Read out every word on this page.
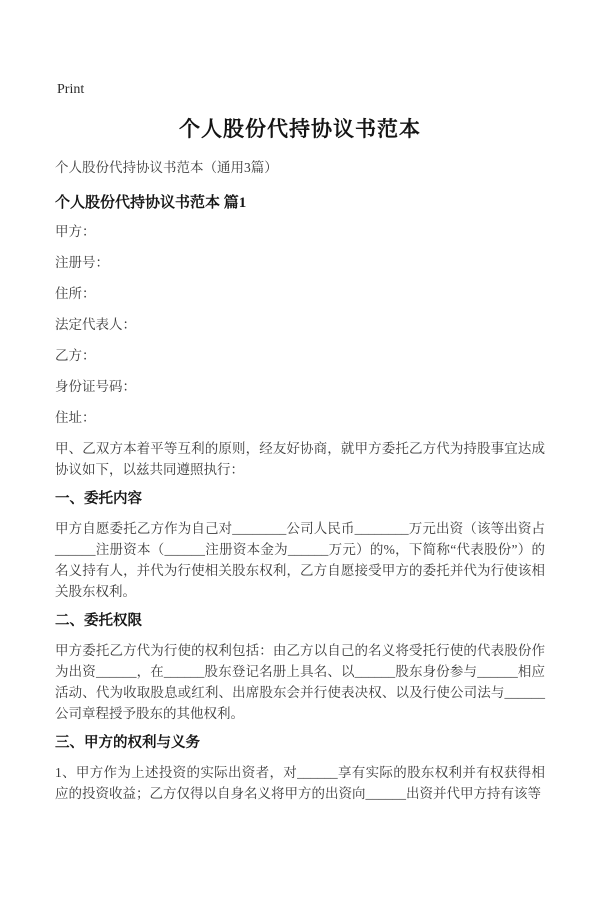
Print
个人股份代持协议书范本

个人股份代持协议书范本（通用3篇）

个人股份代持协议书范本 篇1

甲方：

注册号：

住所：

法定代表人：

乙方：

身份证号码：

住址：

甲、乙双方本着平等互利的原则，经友好协商，就甲方委托乙方代为持股事宜达成协议如下，以兹共同遵照执行：

一、委托内容

甲方自愿委托乙方作为自己对________公司人民币________万元出资（该等出资占______注册资本（______注册资本金为______万元）的%，下简称“代表股份”）的名义持有人，并代为行使相关股东权利，乙方自愿接受甲方的委托并代为行使该相关股东权利。

二、委托权限

甲方委托乙方代为行使的权利包括：由乙方以自己的名义将受托行使的代表股份作为出资______，在______股东登记名册上具名、以______股东身份参与______相应活动、代为收取股息或红利、出席股东会并行使表决权、以及行使公司法与______公司章程授予股东的其他权利。

三、甲方的权利与义务

1、甲方作为上述投资的实际出资者，对______享有实际的股东权利并有权获得相应的投资收益；乙方仅得以自身名义将甲方的出资向______出资并代甲方持有该等
